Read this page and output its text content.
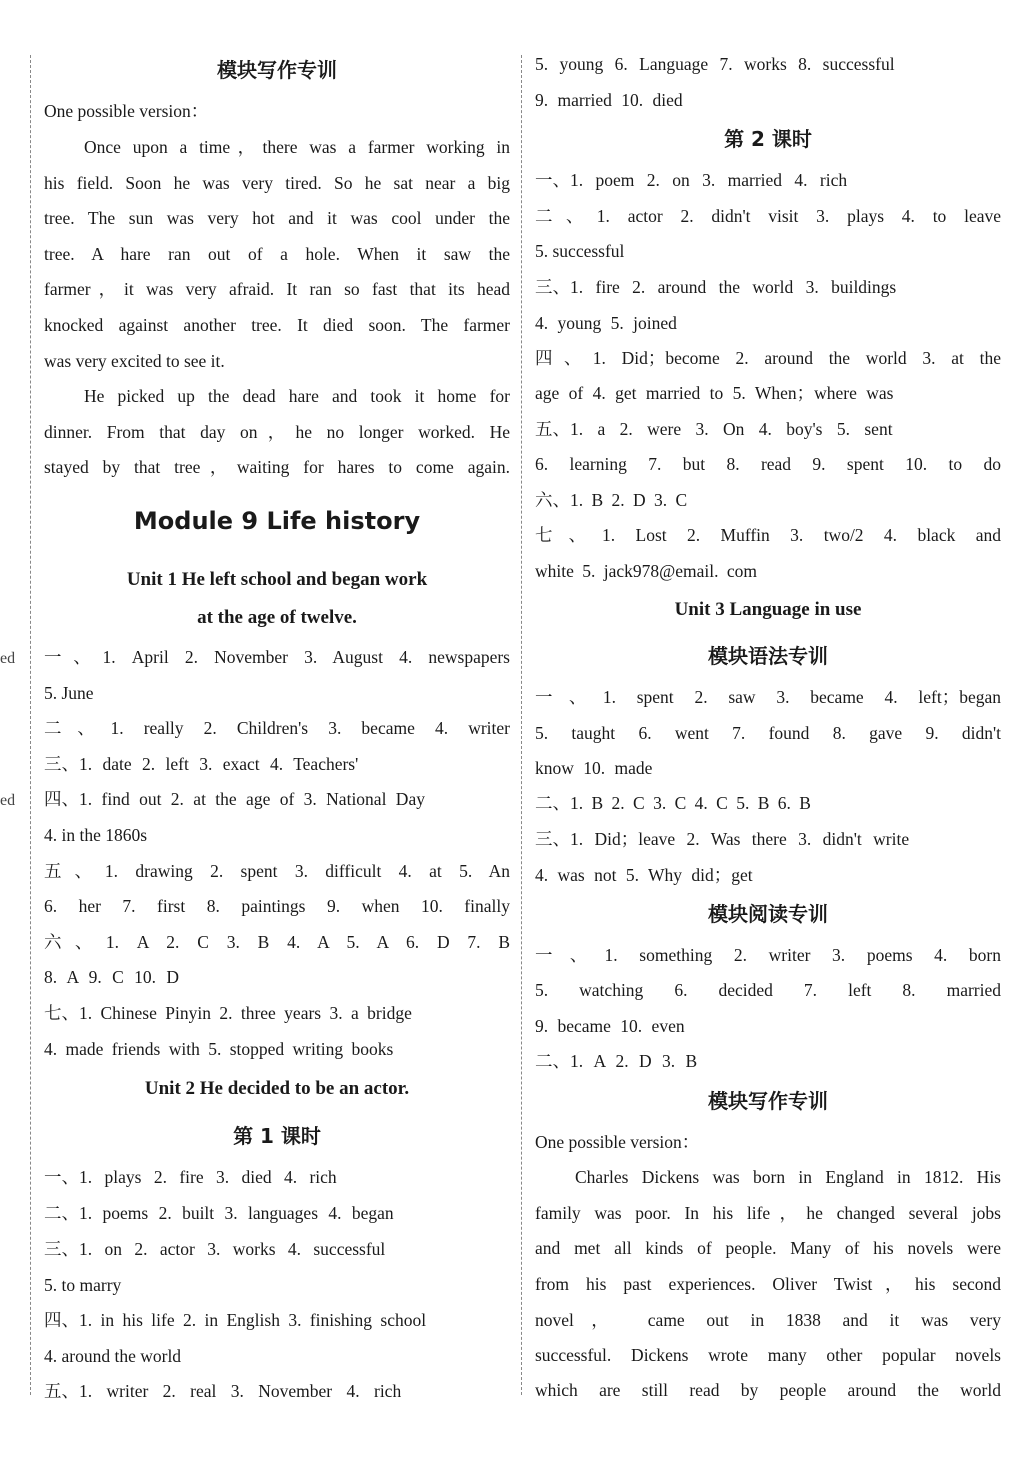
ed
ed
模块写作专训
One possible version：
Once upon a time，there was a farmer working in
his field. Soon he was very tired. So he sat near a big
tree. The sun was very hot and it was cool under the
tree. A hare ran out of a hole. When it saw the
farmer，it was very afraid. It ran so fast that its head
knocked against another tree. It died soon. The farmer
was very excited to see it.
He picked up the dead hare and took it home for
dinner. From that day on，he no longer worked. He
stayed by that tree，waiting for hares to come again.
Module 9 Life history
Unit 1 He left school and began work
at the age of twelve.
一、1. April 2. November 3. August 4. newspapers
5. June
二、1. really 2. Children's 3. became 4. writer
三、1. date 2. left 3. exact 4. Teachers'
四、1. find out 2. at the age of 3. National Day
4. in the 1860s
五、1. drawing 2. spent 3. difficult 4. at 5. An
6. her 7. first 8. paintings 9. when 10. finally
六、1. A 2. C 3. B 4. A 5. A 6. D 7. B
8. A 9. C 10. D
七、1. Chinese Pinyin 2. three years 3. a bridge
4. made friends with 5. stopped writing books
Unit 2 He decided to be an actor.
第 1 课时
一、1. plays 2. fire 3. died 4. rich
二、1. poems 2. built 3. languages 4. began
三、1. on 2. actor 3. works 4. successful
5. to marry
四、1. in his life 2. in English 3. finishing school
4. around the world
五、1. writer 2. real 3. November 4. rich
5. young 6. Language 7. works 8. successful
9. married 10. died
第 2 课时
一、1. poem 2. on 3. married 4. rich
二、1. actor 2. didn't visit 3. plays 4. to leave
5. successful
三、1. fire 2. around the world 3. buildings
4. young 5. joined
四、1. Did；become 2. around the world 3. at the
age of 4. get married to 5. When；where was
五、1. a 2. were 3. On 4. boy's 5. sent
6. learning 7. but 8. read 9. spent 10. to do
六、1. B 2. D 3. C
七、1. Lost 2. Muffin 3. two/2 4. black and
white 5. jack978@email. com
Unit 3 Language in use
模块语法专训
一、1. spent 2. saw 3. became 4. left；began
5. taught 6. went 7. found 8. gave 9. didn't
know 10. made
二、1. B 2. C 3. C 4. C 5. B 6. B
三、1. Did；leave 2. Was there 3. didn't write
4. was not 5. Why did；get
模块阅读专训
一、1. something 2. writer 3. poems 4. born
5. watching 6. decided 7. left 8. married
9. became 10. even
二、1. A 2. D 3. B
模块写作专训
One possible version：
Charles Dickens was born in England in 1812. His
family was poor. In his life，he changed several jobs
and met all kinds of people. Many of his novels were
from his past experiences. Oliver Twist，his second
novel， came out in 1838 and it was very
successful. Dickens wrote many other popular novels
which are still read by people around the world
